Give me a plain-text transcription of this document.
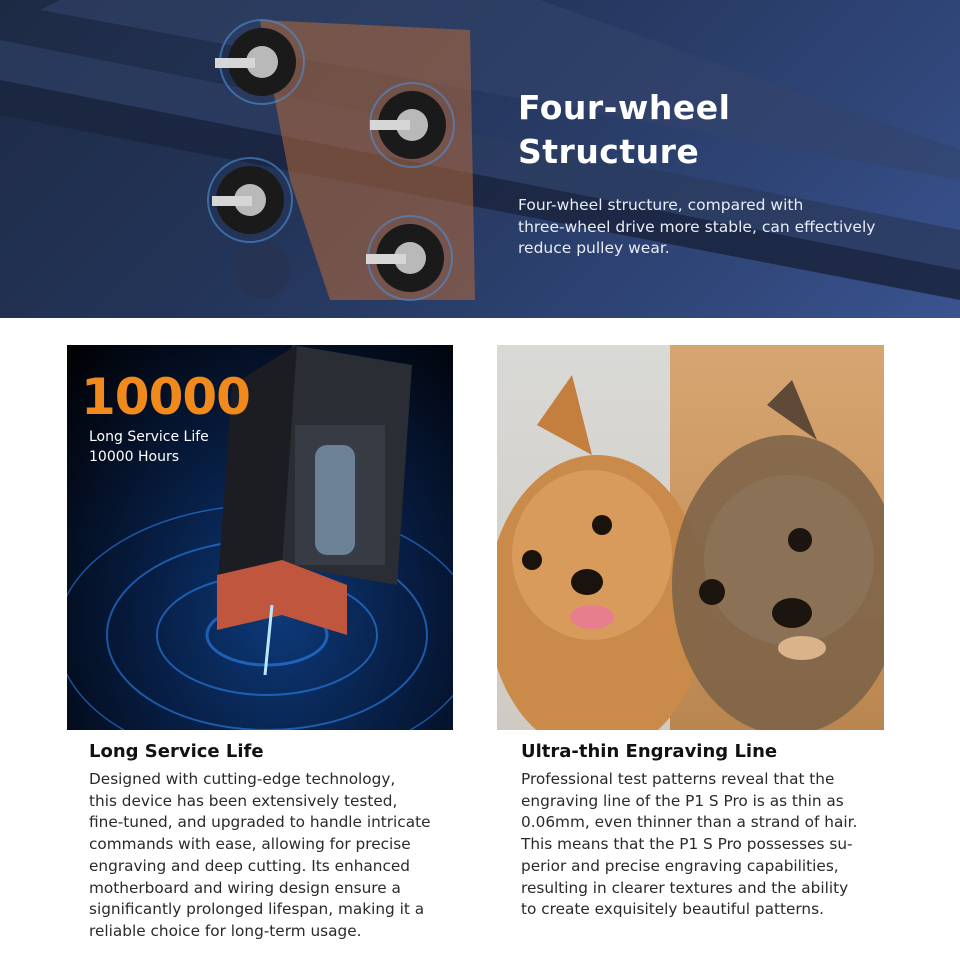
Four-wheel
Structure
Four-wheel structure, compared with
three-wheel drive more stable, can effectively
reduce pulley wear.
10000
Long Service Life
10000 Hours
Long Service Life
Designed with cutting-edge technology,
this device has been extensively tested,
fine-tuned, and upgraded to handle intricate
commands with ease, allowing for precise
engraving and deep cutting. Its enhanced
motherboard and wiring design ensure a
significantly prolonged lifespan, making it a
reliable choice for long-term usage.
Ultra-thin Engraving Line
Professional test patterns reveal that the
engraving line of the P1 S Pro is as thin as
0.06mm, even thinner than a strand of hair.
This means that the P1 S Pro possesses su-
perior and precise engraving capabilities,
resulting in clearer textures and the ability
to create exquisitely beautiful patterns.
